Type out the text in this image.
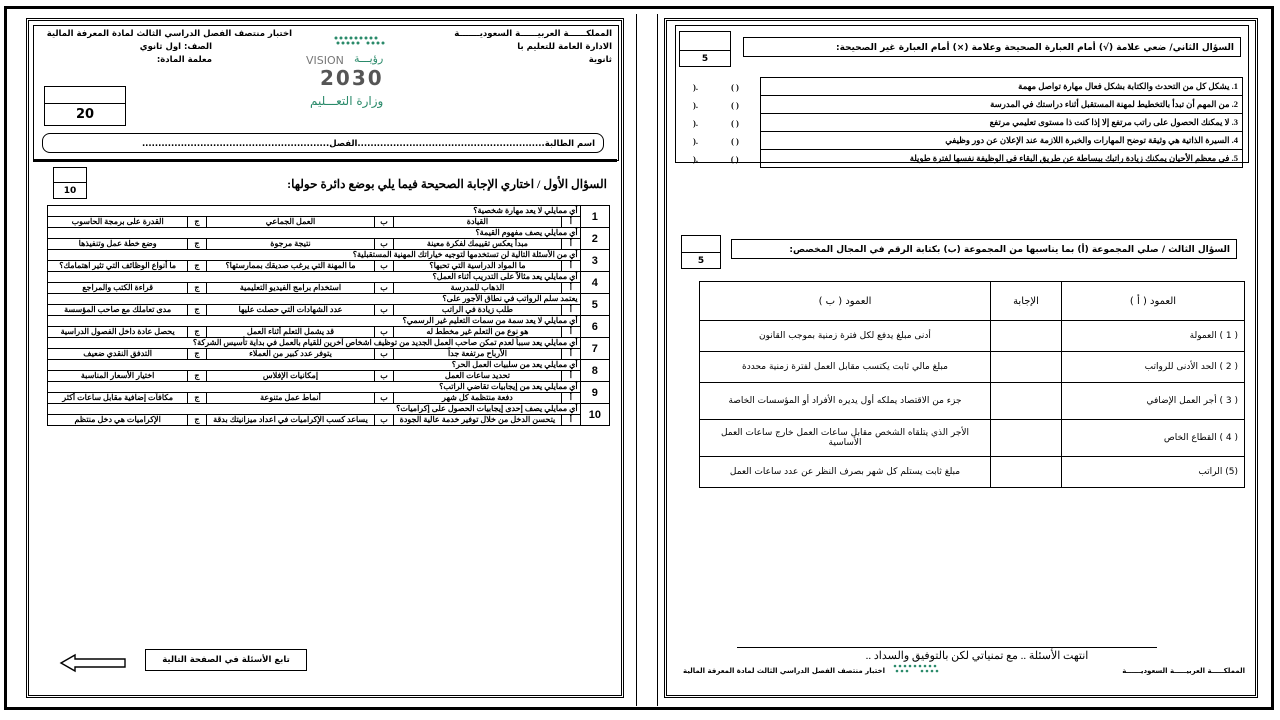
المملكــــــة العربيــــــة السعوديـــــــة
الادارة العامة للتعليم با
ثانوية
اختبار منتصف الفصل الدراسي الثالث لمادة المعرفة المالية
الصف: اول ثانوي
معلمة المادة:	VISION رؤيـــة
2030
وزارة التعـــليم
20
اسم الطالبة..........................................................الفصل..........................................................
10	السؤال الأول / اختاري الإجابة الصحيحة فيما يلي بوضع دائرة حولها:
1	أي ممايلي لا يعد مهارة شخصية؟					
	أ	القيادة	ب	العمل الجماعي	ج	القدرة على برمجة الحاسوب
2	أي ممايلي يصف مفهوم القيمة؟					
	أ	مبدأ يعكس تقييمك لفكرة معينة	ب	نتيجة مرجوة	ج	وضع خطة عمل وتنفيذها
3	أي من الأسئلة التالية لن تستخدمها لتوجيه خياراتك المهنية المستقبلية؟					
	أ	ما المواد الدراسية التي تحبها؟	ب	ما المهنة التي يرغب صديقك بممارستها؟	ج	ما أنواع الوظائف التي تثير اهتمامك؟
4	أي ممايلي يعد مثالاً على التدريب أثناء العمل؟					
	أ	الذهاب للمدرسة	ب	استخدام برامج الفيديو التعليمية	ج	قراءة الكتب والمراجع
5	يعتمد سلم الرواتب في نطاق الأجور على؟					
	أ	طلب زيادة في الراتب	ب	عدد الشهادات التي حصلت عليها	ج	مدى تعاملك مع صاحب المؤسسة
6	أي ممايلي لا يعد سمة من سمات التعليم غير الرسمي؟					
	أ	هو نوع من التعلم غير مخطط له	ب	قد يشمل التعلم أثناء العمل	ج	يحصل عادة داخل الفصول الدراسية
7	أي ممايلي يعد سبباً لعدم تمكن صاحب العمل الجديد من توظيف اشخاص آخرين للقيام بالعمل في بداية تأسيس الشركة؟					
	أ	الأرباح مرتفعة جداً	ب	يتوفر عدد كبير من العملاء	ج	التدفق النقدي ضعيف
8	أي ممايلي يعد من سلبيات العمل الحر؟					
	أ	تحديد ساعات العمل	ب	إمكانيات الإفلاس	ج	اختيار الأسعار المناسبة
9	أي ممايلي يعد من إيجابيات تقاضي الراتب؟					
	أ	دفعة منتظمة كل شهر	ب	أنماط عمل متنوعة	ج	مكافآت إضافية مقابل ساعات أكثر
10	أي ممايلي يصف إحدى إيجابيات الحصول على إكراميات؟					
	أ	يتحسن الدخل من خلال توفير خدمة عالية الجودة	ب	يساعد كسب الإكراميات في اعداد ميزانيتك بدقة	ج	الإكراميات هي دخل منتظم
تابع الأسئلة في الصفحة التالية
5
السؤال الثاني/ ضعي علامة (√) أمام العبارة الصحيحة وعلامة (×) أمام العبارة غير الصحيحة:
1. يشكل كل من التحدث والكتابة بشكل فعال مهارة تواصل مهمة	( )	.(
2. من المهم أن تبدأ بالتخطيط لمهنة المستقبل أثناء دراستك في المدرسة	( )	.(
3. لا يمكنك الحصول على راتب مرتفع إلا إذا كنت ذا مستوى تعليمي مرتفع	( )	.(
4. السيرة الذاتية هي وثيقة توضح المهارات والخبرة اللازمة عند الإعلان عن دور وظيفي	( )	.(
5. في معظم الأحيان يمكنك زيادة راتبك ببساطة عن طريق البقاء في الوظيفة نفسها لفترة طويلة	( )	.(
5
السؤال الثالث / صلي المجموعة (أ) بما يناسبها من المجموعة (ب) بكتابة الرقم في المجال المخصص:
العمود ( أ )	الإجابة	العمود ( ب )
( 1 ) العمولة		أدنى مبلغ يدفع لكل فترة زمنية بموجب القانون
( 2 ) الحد الأدنى للرواتب		مبلغ مالي ثابت يكتسب مقابل العمل لفترة زمنية محددة
( 3 ) أجر العمل الإضافي		جزء من الاقتصاد يملكه أول يديره الأفراد أو المؤسسات الخاصة
( 4 ) القطاع الخاص		الأجر الذي يتلقاه الشخص مقابل ساعات العمل خارج ساعات العمل الأساسية
(5) الراتب		مبلغ ثابت يستلم كل شهر بصرف النظر عن عدد ساعات العمل
انتهت الأسئلة .. مع تمنياتي لكن بالتوفيق والسداد ..
المملكـــــة العربيـــــة السعوديــــــة
اختبار منتصف الفصل الدراسي الثالث لمادة المعرفة المالية
